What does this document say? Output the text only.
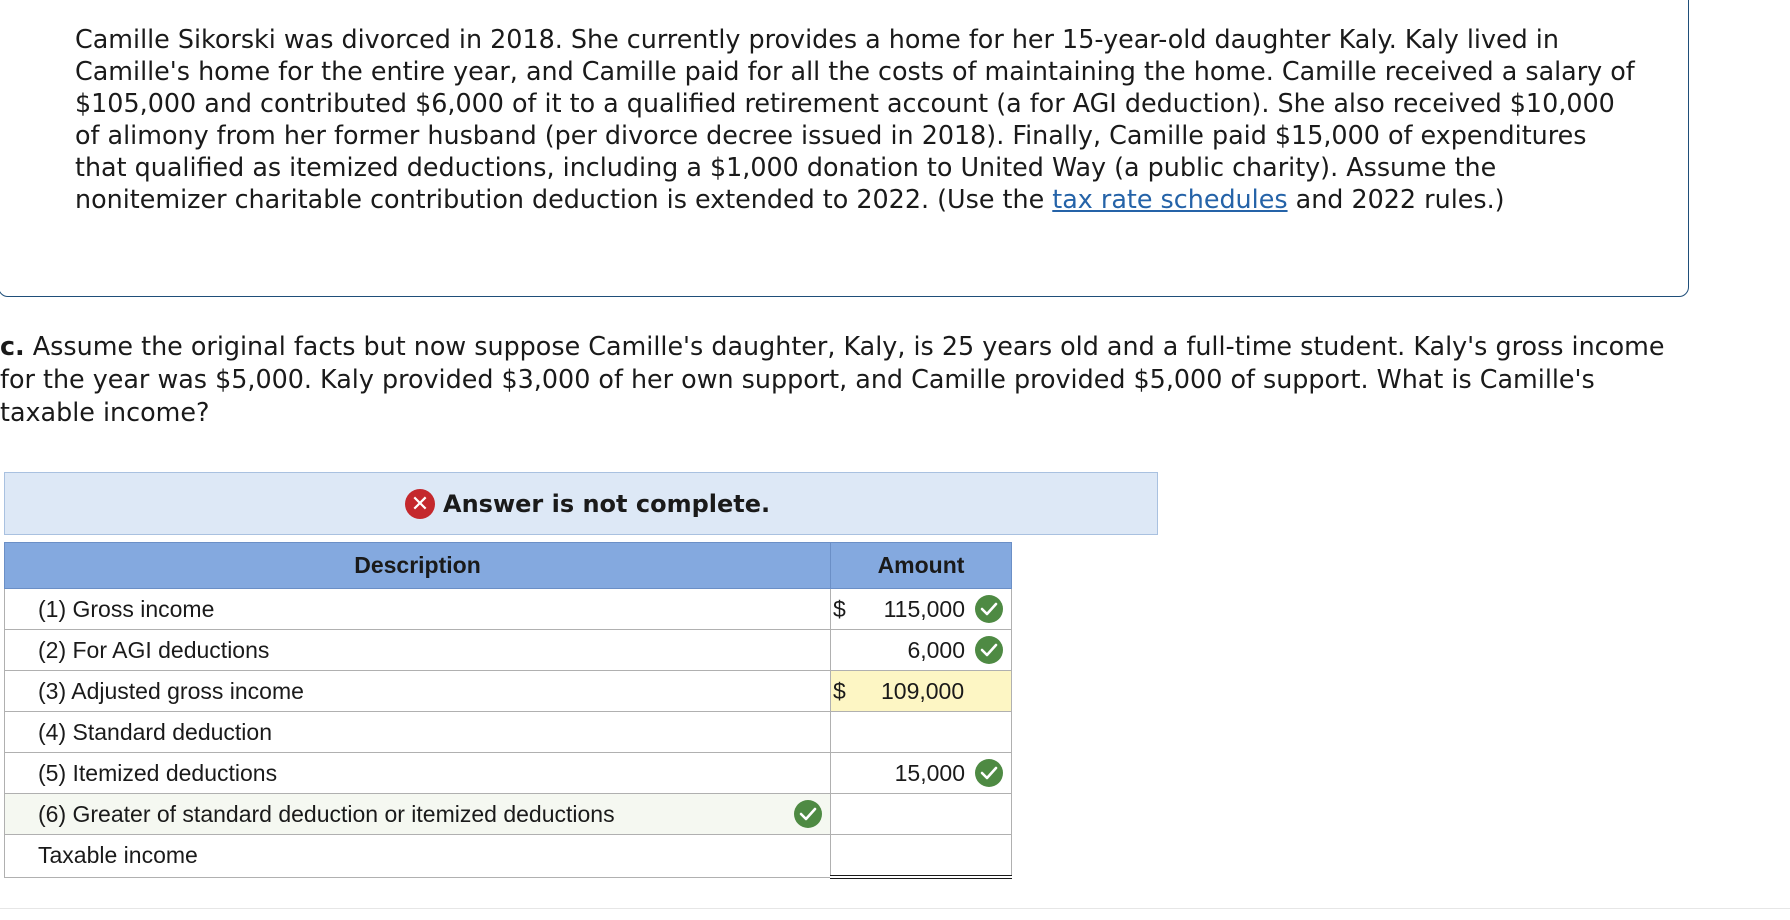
Camille Sikorski was divorced in 2018. She currently provides a home for her 15-year-old daughter Kaly. Kaly lived in Camille's home for the entire year, and Camille paid for all the costs of maintaining the home. Camille received a salary of $105,000 and contributed $6,000 of it to a qualified retirement account (a for AGI deduction). She also received $10,000 of alimony from her former husband (per divorce decree issued in 2018). Finally, Camille paid $15,000 of expenditures that qualified as itemized deductions, including a $1,000 donation to United Way (a public charity). Assume the nonitemizer charitable contribution deduction is extended to 2022. (Use the tax rate schedules and 2022 rules.)
c. Assume the original facts but now suppose Camille's daughter, Kaly, is 25 years old and a full-time student. Kaly's gross income for the year was $5,000. Kaly provided $3,000 of her own support, and Camille provided $5,000 of support. What is Camille's taxable income?
✕ Answer is not complete.
Description	Amount
(1) Gross income	$ 115,000

(2) For AGI deductions	6,000

(3) Adjusted gross income	$ 109,000

(4) Standard deduction	

(5) Itemized deductions	15,000

(6) Greater of standard deduction or itemized deductions

Taxable income	
